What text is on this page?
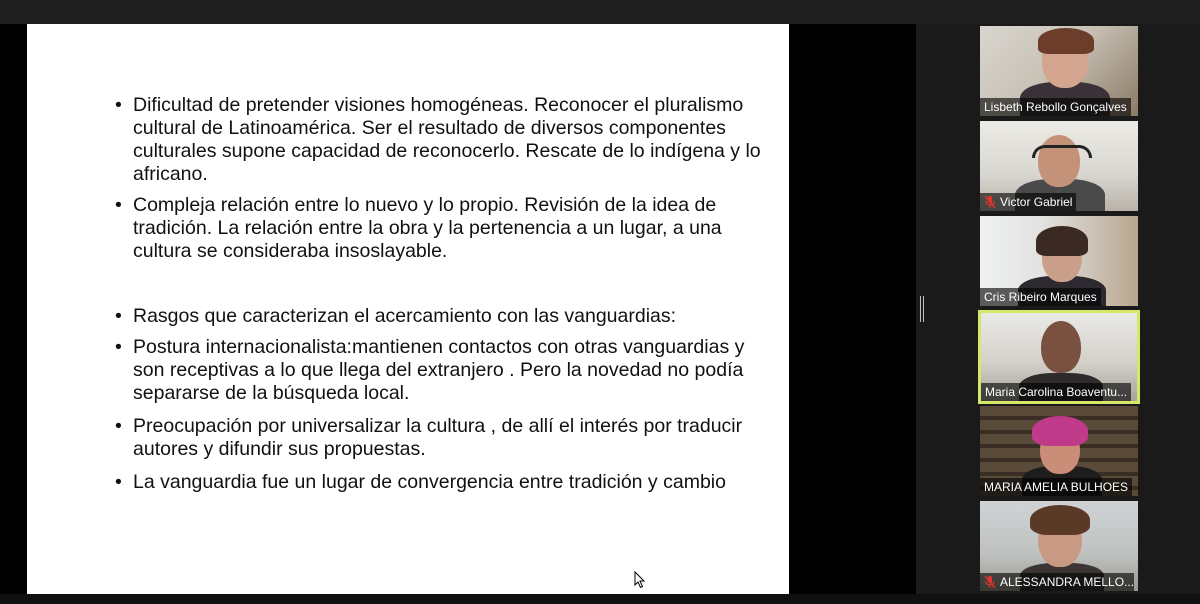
• Dificultad de pretender visiones homogéneas. Reconocer el pluralismo cultural de Latinoamérica. Ser el resultado de diversos componentes culturales supone capacidad de reconocerlo. Rescate de lo indígena y lo africano.
• Compleja relación entre lo nuevo y lo propio. Revisión de la idea de tradición. La relación entre la obra y la pertenencia a un lugar, a una cultura se consideraba insoslayable.
• Rasgos que caracterizan el acercamiento con las vanguardias:
• Postura internacionalista:mantienen contactos con otras vanguardias y son receptivas a lo que llega del extranjero . Pero la novedad no podía separarse de la búsqueda local.
• Preocupación por universalizar la cultura , de allí el interés por traducir autores y difundir sus propuestas.
• La vanguardia fue un lugar de convergencia entre tradición y cambio
Lisbeth Rebollo Gonçalves
Victor Gabriel
Cris Ribeiro Marques
Maria Carolina Boaventu...
MARIA AMELIA BULHOES
ALESSANDRA MELLO...
